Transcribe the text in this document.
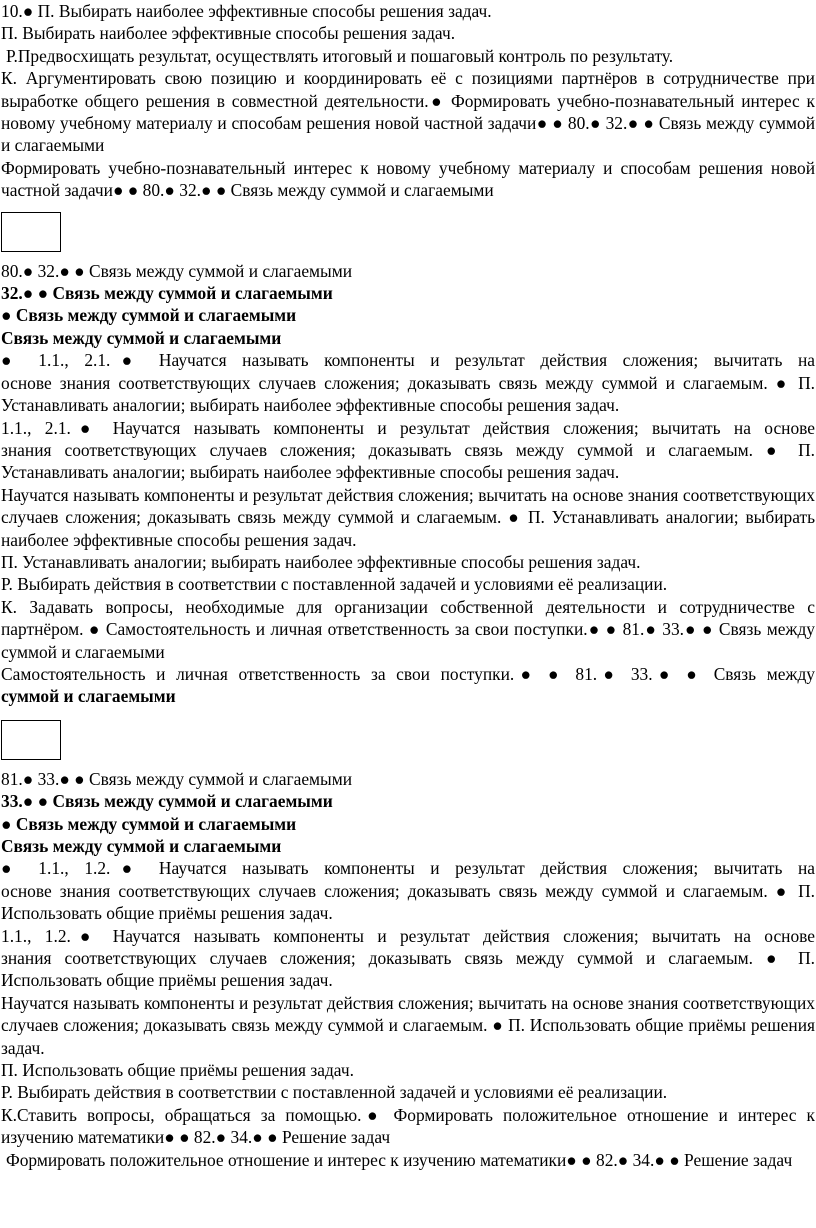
10.● П. Выбирать наиболее эффективные способы решения задач.

П. Выбирать наиболее эффективные способы решения задач.

Р.Предвосхищать результат, осуществлять итоговый и пошаговый контроль по результату.

К. Аргументировать свою позицию и координировать её с позициями партнёров в сотрудничестве при выработке общего решения в совместной деятельности.● Формировать учебно-познавательный интерес к новому учебному материалу и способам решения новой частной задачи● ● 80.● 32.● ● Связь между суммой и слагаемыми

Формировать учебно-познавательный интерес к новому учебному материалу и способам решения новой частной задачи● ● 80.● 32.● ● Связь между суммой и слагаемыми

80.● 32.● ● Связь между суммой и слагаемыми

32.● ● Связь между суммой и слагаемыми

● Связь между суммой и слагаемыми

Связь между суммой и слагаемыми

● 1.1., 2.1.● Научатся называть компоненты и результат действия сложения; вычитать на

основе знания соответствующих случаев сложения; доказывать связь между суммой и слагаемым. ● П. Устанавливать аналогии; выбирать наиболее эффективные способы решения задач.

1.1., 2.1.● Научатся называть компоненты и результат действия сложения; вычитать на основе

знания соответствующих случаев сложения; доказывать связь между суммой и слагаемым. ● П. Устанавливать аналогии; выбирать наиболее эффективные способы решения задач.

Научатся называть компоненты и результат действия сложения; вычитать на основе знания соответствующих случаев сложения; доказывать связь между суммой и слагаемым. ● П. Устанавливать аналогии; выбирать наиболее эффективные способы решения задач.

П. Устанавливать аналогии; выбирать наиболее эффективные способы решения задач.

Р. Выбирать действия в соответствии с поставленной задачей и условиями её реализации.

К. Задавать вопросы, необходимые для организации собственной деятельности и сотрудничестве с партнёром. ● Самостоятельность и личная ответственность за свои поступки.● ● 81.● 33.● ● Связь между суммой и слагаемыми

Самостоятельность и личная ответственность за свои поступки.● ● 81.● 33.● ● Связь между

суммой и слагаемыми

81.● 33.● ● Связь между суммой и слагаемыми

33.● ● Связь между суммой и слагаемыми

● Связь между суммой и слагаемыми

Связь между суммой и слагаемыми

● 1.1., 1.2.● Научатся называть компоненты и результат действия сложения; вычитать на

основе знания соответствующих случаев сложения; доказывать связь между суммой и слагаемым. ● П. Использовать общие приёмы решения задач.

1.1., 1.2.● Научатся называть компоненты и результат действия сложения; вычитать на основе

знания соответствующих случаев сложения; доказывать связь между суммой и слагаемым. ● П. Использовать общие приёмы решения задач.

Научатся называть компоненты и результат действия сложения; вычитать на основе знания соответствующих случаев сложения; доказывать связь между суммой и слагаемым. ● П. Использовать общие приёмы решения задач.

П. Использовать общие приёмы решения задач.

Р. Выбирать действия в соответствии с поставленной задачей и условиями её реализации.

К.Ставить вопросы, обращаться за помощью.● Формировать положительное отношение и интерес к изучению математики● ● 82.● 34.● ● Решение задач

Формировать положительное отношение и интерес к изучению математики● ● 82.● 34.● ● Решение задач
